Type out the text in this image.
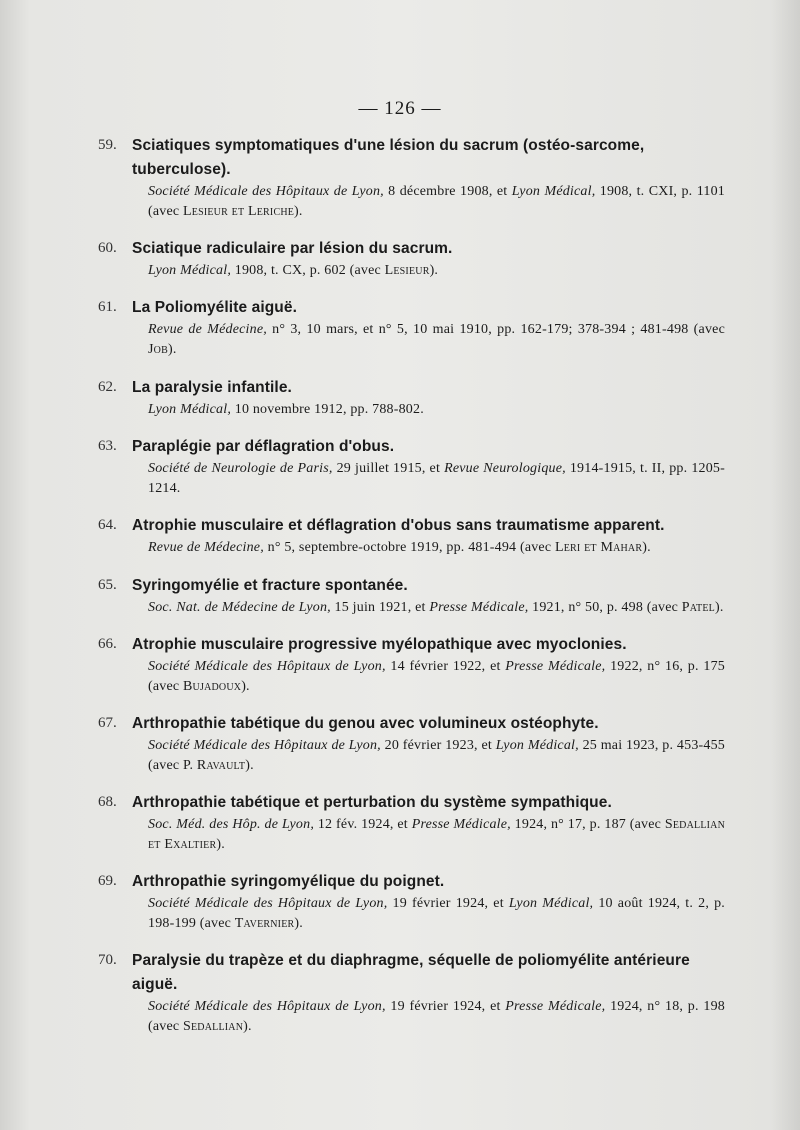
— 126 —
59. Sciatiques symptomatiques d'une lésion du sacrum (ostéo-sarcome, tuberculose).
Société Médicale des Hôpitaux de Lyon, 8 décembre 1908, et Lyon Médical, 1908, t. CXI, p. 1101 (avec Lesieur et Leriche).
60. Sciatique radiculaire par lésion du sacrum.
Lyon Médical, 1908, t. CX, p. 602 (avec Lesieur).
61. La Poliomyélite aiguë.
Revue de Médecine, n° 3, 10 mars, et n° 5, 10 mai 1910, pp. 162-179; 378-394 ; 481-498 (avec Job).
62. La paralysie infantile.
Lyon Médical, 10 novembre 1912, pp. 788-802.
63. Paraplégie par déflagration d'obus.
Société de Neurologie de Paris, 29 juillet 1915, et Revue Neurologique, 1914-1915, t. II, pp. 1205-1214.
64. Atrophie musculaire et déflagration d'obus sans traumatisme apparent.
Revue de Médecine, n° 5, septembre-octobre 1919, pp. 481-494 (avec Leri et Mahar).
65. Syringomyélie et fracture spontanée.
Soc. Nat. de Médecine de Lyon, 15 juin 1921, et Presse Médicale, 1921, n° 50, p. 498 (avec Patel).
66. Atrophie musculaire progressive myélopathique avec myoclonies.
Société Médicale des Hôpitaux de Lyon, 14 février 1922, et Presse Médicale, 1922, n° 16, p. 175 (avec Bujadoux).
67. Arthropathie tabétique du genou avec volumineux ostéophyte.
Société Médicale des Hôpitaux de Lyon, 20 février 1923, et Lyon Médical, 25 mai 1923, p. 453-455 (avec P. Ravault).
68. Arthropathie tabétique et perturbation du système sympathique.
Soc. Méd. des Hôp. de Lyon, 12 fév. 1924, et Presse Médicale, 1924, n° 17, p. 187 (avec Sedallian et Exaltier).
69. Arthropathie syringomyélique du poignet.
Société Médicale des Hôpitaux de Lyon, 19 février 1924, et Lyon Médical, 10 août 1924, t. 2, p. 198-199 (avec Tavernier).
70. Paralysie du trapèze et du diaphragme, séquelle de poliomyélite antérieure aiguë.
Société Médicale des Hôpitaux de Lyon, 19 février 1924, et Presse Médicale, 1924, n° 18, p. 198 (avec Sedallian).
